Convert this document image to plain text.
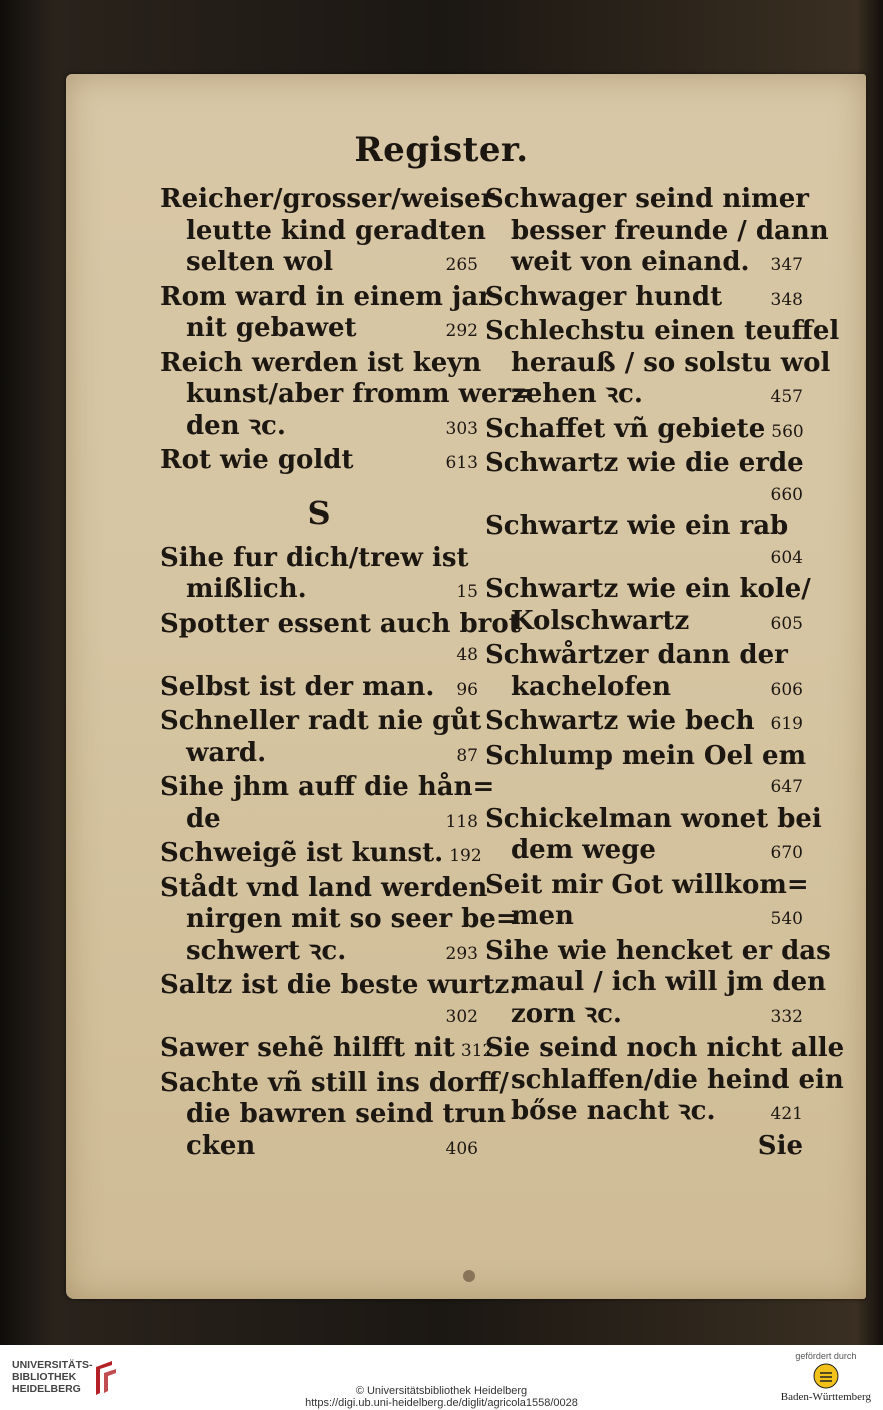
Register.
Reicher/grosser/weiser
leutte kind geradten
selten wol	265
Rom ward in einem jar
nit gebawet	292
Reich werden ist keyn
kunst/aber fromm wer=
den ꝛc.	303
Rot wie goldt	613
S
Sihe fur dich/trew ist
mißlich.	15
Spotter essent auch brot
48
Selbst ist der man.	96
Schneller radt nie gůt
ward.	87
Sihe jhm auff die hån=
de	118
Schweigẽ ist kunst. 192
Stådt vnd land werden
nirgen mit so seer be=
schwert ꝛc.	293
Saltz ist die beste wurtz.
302
Sawer sehẽ hilfft nit 312
Sachte vñ still ins dorff/
die bawren seind trun
cken	406
Schwager seind nimer
besser freunde / dann
weit von einand.	347
Schwager hundt	348
Schlechstu einen teuffel
herauß / so solstu wol
zehen ꝛc.	457
Schaffet vñ gebiete 560
Schwartz wie die erde
660
Schwartz wie ein rab
604
Schwartz wie ein kole/
Kolschwartz	605
Schwårtzer dann der
kachelofen	606
Schwartz wie bech 619
Schlump mein Oel em
647
Schickelman wonet bei
dem wege	670
Seit mir Got willkom=
men	540
Sihe wie hencket er das
maul / ich will jm den
zorn ꝛc.	332
Sie seind noch nicht alle
schlaffen/die heind ein
bőse nacht ꝛc.	421
Sie
UNIVERSITÄTS-
BIBLIOTHEK
HEIDELBERG	© Universitätsbibliothek Heidelberg
https://digi.ub.uni-heidelberg.de/diglit/agricola1558/0028
gefördert durch
Baden-Württemberg
